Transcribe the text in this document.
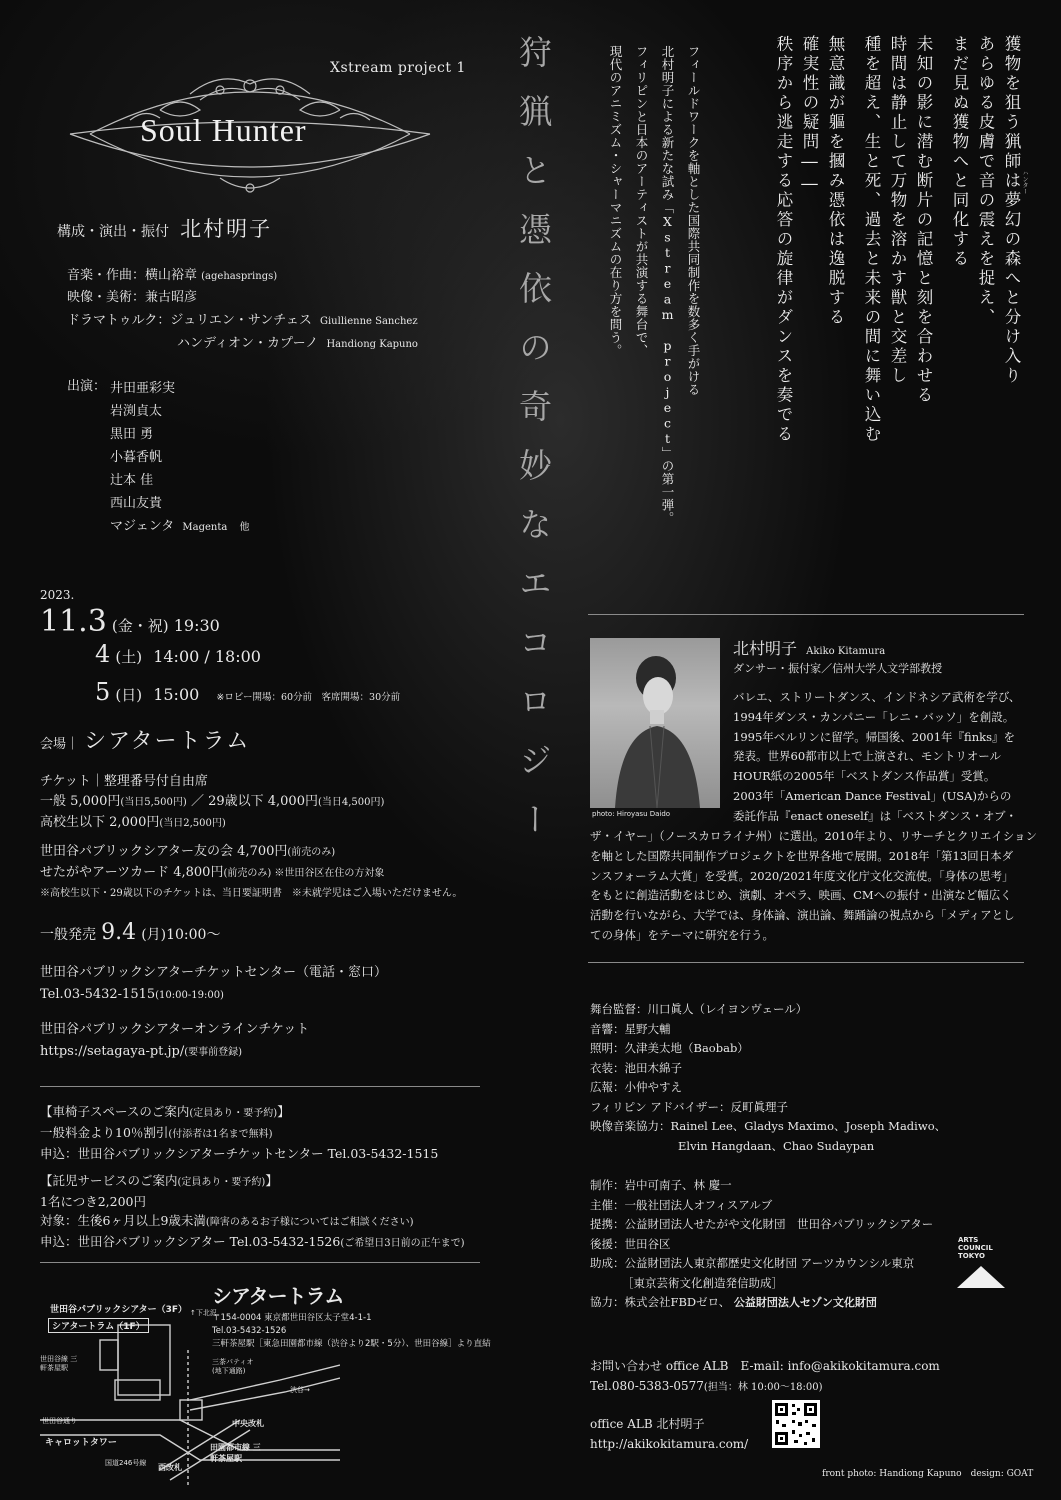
Xstream project 1
Soul Hunter
構成・演出・振付 北村明子
音楽・作曲：横山裕章 (agehasprings)
映像・美術：兼古昭彦
ドラマトゥルク：ジュリエン・サンチェス Giullienne Sanchez
ハンディオン・カプーノ Handiong Kapuno
出演： 井田亜彩実
岩渕貞太
黒田 勇
小暮香帆
辻本 佳
西山友貴
マジェンタ Magenta 他
2023.
11.3 (金・祝) 19:30
4 (土) 14:00 / 18:00
5 (日) 15:00 ※ロビー開場：60分前　客席開場：30分前
会場｜ シアタートラム
チケット｜整理番号付自由席
一般 5,000円(当日5,500円) ／ 29歳以下 4,000円(当日4,500円)
高校生以下 2,000円(当日2,500円)
世田谷パブリックシアター友の会 4,700円(前売のみ)
せたがやアーツカード 4,800円(前売のみ) ※世田谷区在住の方対象
※高校生以下・29歳以下のチケットは、当日要証明書　※未就学児はご入場いただけません。
一般発売 9.4 (月)10:00〜
世田谷パブリックシアターチケットセンター（電話・窓口）
Tel.03-5432-1515(10:00-19:00)
世田谷パブリックシアターオンラインチケット
https://setagaya-pt.jp/(要事前登録)
【車椅子スペースのご案内(定員あり・要予約)】
一般料金より10％割引(付添者は1名まで無料)
申込：世田谷パブリックシアターチケットセンター Tel.03-5432-1515
【託児サービスのご案内(定員あり・要予約)】
1名につき2,200円
対象：生後6ヶ月以上9歳未満(障害のあるお子様についてはご相談ください)
申込：世田谷パブリックシアター Tel.03-5432-1526(ご希望日3日前の正午まで)
シアタートラム
〒154-0004 東京都世田谷区太子堂4-1-1
Tel.03-5432-1526
三軒茶屋駅［東急田園都市線（渋谷より2駅・5分）、世田谷線］より直結
世田谷パブリックシアター（3F）
シアタートラム（1F）
世田谷線 三軒茶屋駅
↑下北沢
三茶パティオ (地下通路)
渋谷→
世田谷通り	中央改札
キャロットタワー	田園都市線 三軒茶屋駅
国道246号線 西改札
狩猟と憑依の奇妙なエコロジー	ハンター
獲物を狙う猟師は夢幻の森へと分け入り
あらゆる皮膚で音の震えを捉え、
まだ見ぬ獲物へと同化する
未知の影に潜む断片の記憶と刻を合わせる
時間は静止して万物を溶かす獣と交差し
種を超え、生と死、過去と未来の間に舞い込む
無意識が軀を摑み憑依は逸脱する
確実性の疑問――
秩序から逃走する応答の旋律がダンスを奏でる
フィールドワークを軸とした国際共同制作を数多く手がける
北村明子による新たな試み「Xstream project」の第一弾。
フィリピンと日本のアーティストが共演する舞台で、
現代のアニミズム・シャーマニズムの在り方を問う。
photo: Hiroyasu Daido
北村明子 Akiko Kitamura
ダンサー・振付家／信州大学人文学部教授
バレエ、ストリートダンス、インドネシア武術を学び、
1994年ダンス・カンパニー「レニ・バッソ」を創設。
1995年ベルリンに留学。帰国後、2001年『finks』を
発表。世界60都市以上で上演され、モントリオール
HOUR紙の2005年「ベストダンス作品賞」受賞。
2003年「American Dance Festival」(USA)からの
委託作品『enact oneself』は「ベストダンス・オブ・
ザ・イヤー」（ノースカロライナ州）に選出。2010年より、リサーチとクリエイション
を軸とした国際共同制作プロジェクトを世界各地で展開。2018年「第13回日本ダ
ンスフォーラム大賞」を受賞。2020/2021年度文化庁文化交流使。「身体の思考」
をもとに創造活動をはじめ、演劇、オペラ、映画、CMへの振付・出演など幅広く
活動を行いながら、大学では、身体論、演出論、舞踊論の視点から「メディアとし
ての身体」をテーマに研究を行う。
舞台監督：川口眞人（レイヨンヴェール）
音響：星野大輔
照明：久津美太地（Baobab）
衣装：池田木綿子
広報：小仲やすえ
フィリピン アドバイザー：反町眞理子
映像音楽協力：Rainel Lee、Gladys Maximo、Joseph Madiwo、
Elvin Hangdaan、Chao Sudaypan
制作：岩中可南子、林 慶一
主催：一般社団法人オフィスアルブ
提携：公益財団法人せたがや文化財団　世田谷パブリックシアター
後援：世田谷区
助成：公益財団法人東京都歴史文化財団 アーツカウンシル東京
［東京芸術文化創造発信助成］
協力：株式会社FBDゼロ、 公益財団法人セゾン文化財団
ARTS
COUNCIL
TOKYO
お問い合わせ office ALB　E-mail: info@akikokitamura.com
Tel.080-5383-0577(担当：林 10:00〜18:00)
office ALB 北村明子
http://akikokitamura.com/
front photo: Handiong Kapuno　design: GOAT
